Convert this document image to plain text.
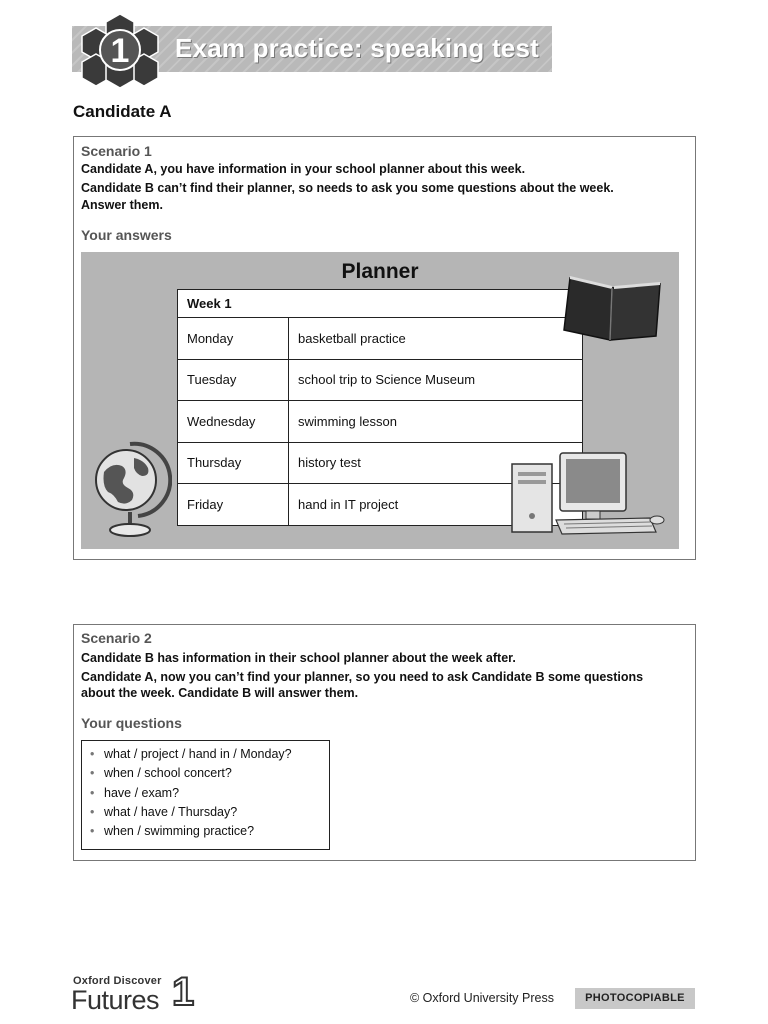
1 Exam practice: speaking test
Candidate A
Scenario 1
Candidate A, you have information in your school planner about this week.
Candidate B can’t find their planner, so needs to ask you some questions about the week.
Answer them.
Your answers
Planner
Week 1	
Monday	basketball practice
Tuesday	school trip to Science Museum
Wednesday	swimming lesson
Thursday	history test
Friday	hand in IT project
Scenario 2
Candidate B has information in their school planner about the week after.
Candidate A, now you can’t find your planner, so you need to ask Candidate B some questions
about the week. Candidate B will answer them.
Your questions
• what / project / hand in / Monday?
• when / school concert?
• have / exam?
• what / have / Thursday?
• when / swimming practice?
Oxford Discover
Futures 1	© Oxford University Press	PHOTOCOPIABLE
